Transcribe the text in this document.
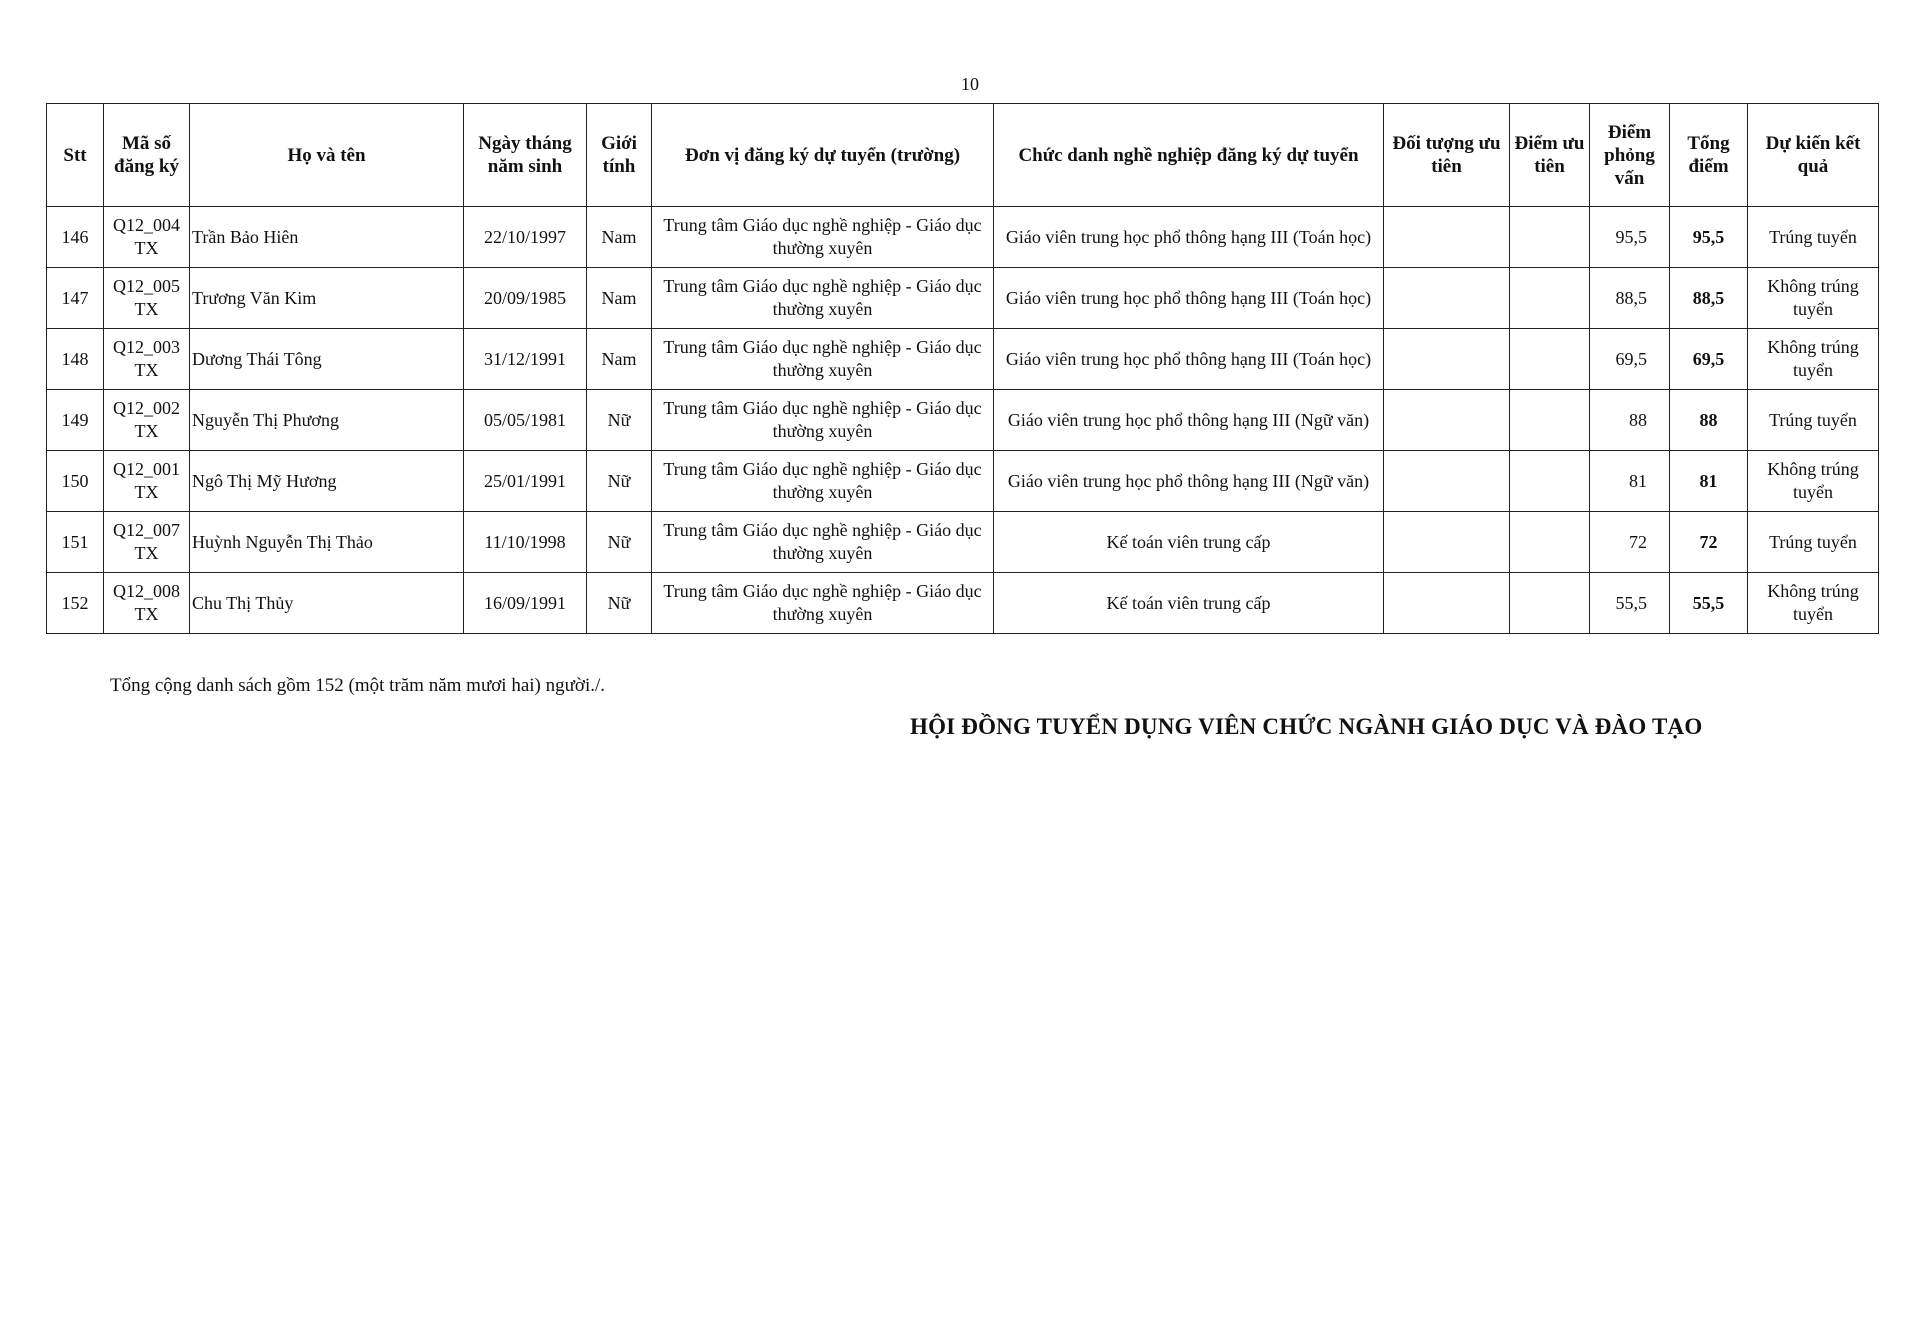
10
Stt	Mã số đăng ký	Họ và tên	Ngày tháng năm sinh	Giới tính	Đơn vị đăng ký dự tuyển (trường)	Chức danh nghề nghiệp đăng ký dự tuyển	Đối tượng ưu tiên	Điểm ưu tiên	Điểm phỏng vấn	Tổng điểm	Dự kiến kết quả
146	Q12_004 TX	Trần Bảo Hiên	22/10/1997	Nam	Trung tâm Giáo dục nghề nghiệp - Giáo dục thường xuyên	Giáo viên trung học phổ thông hạng III (Toán học)			95,5	95,5	Trúng tuyển
147	Q12_005 TX	Trương Văn Kim	20/09/1985	Nam	Trung tâm Giáo dục nghề nghiệp - Giáo dục thường xuyên	Giáo viên trung học phổ thông hạng III (Toán học)			88,5	88,5	Không trúng tuyển
148	Q12_003 TX	Dương Thái Tông	31/12/1991	Nam	Trung tâm Giáo dục nghề nghiệp - Giáo dục thường xuyên	Giáo viên trung học phổ thông hạng III (Toán học)			69,5	69,5	Không trúng tuyển
149	Q12_002 TX	Nguyễn Thị Phương	05/05/1981	Nữ	Trung tâm Giáo dục nghề nghiệp - Giáo dục thường xuyên	Giáo viên trung học phổ thông hạng III (Ngữ văn)			88	88	Trúng tuyển
150	Q12_001 TX	Ngô Thị Mỹ Hương	25/01/1991	Nữ	Trung tâm Giáo dục nghề nghiệp - Giáo dục thường xuyên	Giáo viên trung học phổ thông hạng III (Ngữ văn)			81	81	Không trúng tuyển
151	Q12_007 TX	Huỳnh Nguyễn Thị Thảo	11/10/1998	Nữ	Trung tâm Giáo dục nghề nghiệp - Giáo dục thường xuyên	Kế toán viên trung cấp			72	72	Trúng tuyển
152	Q12_008 TX	Chu Thị Thủy	16/09/1991	Nữ	Trung tâm Giáo dục nghề nghiệp - Giáo dục thường xuyên	Kế toán viên trung cấp			55,5	55,5	Không trúng tuyển
Tổng cộng danh sách gồm 152 (một trăm năm mươi hai) người./.
HỘI ĐỒNG TUYỂN DỤNG VIÊN CHỨC NGÀNH GIÁO DỤC VÀ ĐÀO TẠO
